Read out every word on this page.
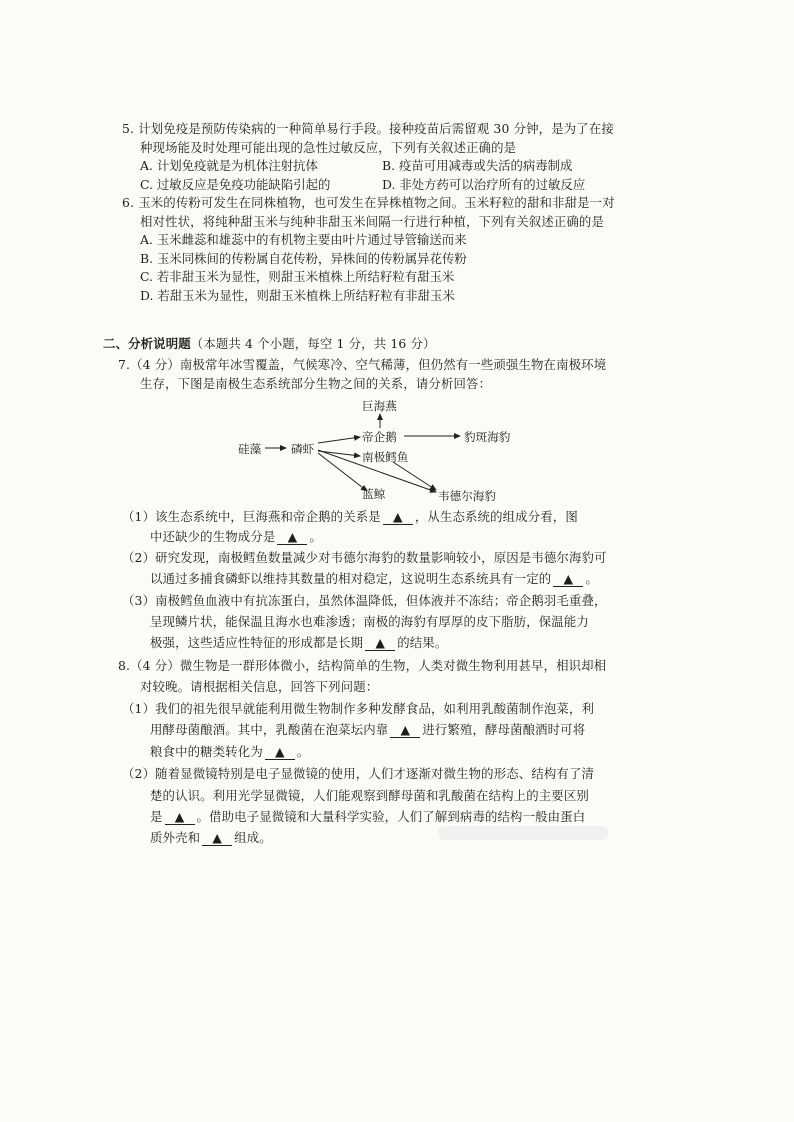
5. 计划免疫是预防传染病的一种简单易行手段。接种疫苗后需留观 30 分钟，是为了在接
种现场能及时处理可能出现的急性过敏反应，下列有关叙述正确的是
A. 计划免疫就是为机体注射抗体	B. 疫苗可用减毒或失活的病毒制成
C. 过敏反应是免疫功能缺陷引起的	D. 非处方药可以治疗所有的过敏反应
6. 玉米的传粉可发生在同株植物，也可发生在异株植物之间。玉米籽粒的甜和非甜是一对
相对性状，将纯种甜玉米与纯种非甜玉米间隔一行进行种植，下列有关叙述正确的是
A. 玉米雌蕊和雄蕊中的有机物主要由叶片通过导管输送而来
B. 玉米同株间的传粉属自花传粉，异株间的传粉属异花传粉
C. 若非甜玉米为显性，则甜玉米植株上所结籽粒有甜玉米
D. 若甜玉米为显性，则甜玉米植株上所结籽粒有非甜玉米
二、分析说明题（本题共 4 个小题，每空 1 分，共 16 分）
7.（4 分）南极常年冰雪覆盖，气候寒冷、空气稀薄，但仍然有一些顽强生物在南极环境
生存，下图是南极生态系统部分生物之间的关系，请分析回答：
巨海燕
硅藻	磷虾
帝企鹅	豹斑海豹
南极鳕鱼
蓝鲸	韦德尔海豹
（1）该生态系统中，巨海燕和帝企鹅的关系是 ▲ ，从生态系统的组成分看，图
中还缺少的生物成分是 ▲ 。
（2）研究发现，南极鳕鱼数量减少对韦德尔海豹的数量影响较小，原因是韦德尔海豹可
以通过多捕食磷虾以维持其数量的相对稳定，这说明生态系统具有一定的 ▲ 。
（3）南极鳕鱼血液中有抗冻蛋白，虽然体温降低，但体液并不冻结；帝企鹅羽毛重叠，
呈现鳞片状，能保温且海水也难渗透；南极的海豹有厚厚的皮下脂肪，保温能力
极强，这些适应性特征的形成都是长期 ▲ 的结果。
8.（4 分）微生物是一群形体微小，结构简单的生物，人类对微生物利用甚早，相识却相
对较晚。请根据相关信息，回答下列问题：
（1）我们的祖先很早就能利用微生物制作多种发酵食品，如利用乳酸菌制作泡菜，利
用酵母菌酿酒。其中，乳酸菌在泡菜坛内靠 ▲ 进行繁殖，酵母菌酿酒时可将
粮食中的糖类转化为 ▲ 。
（2）随着显微镜特别是电子显微镜的使用，人们才逐渐对微生物的形态、结构有了清
楚的认识。利用光学显微镜，人们能观察到酵母菌和乳酸菌在结构上的主要区别
是 ▲ 。借助电子显微镜和大量科学实验，人们了解到病毒的结构一般由蛋白
质外壳和 ▲ 组成。
